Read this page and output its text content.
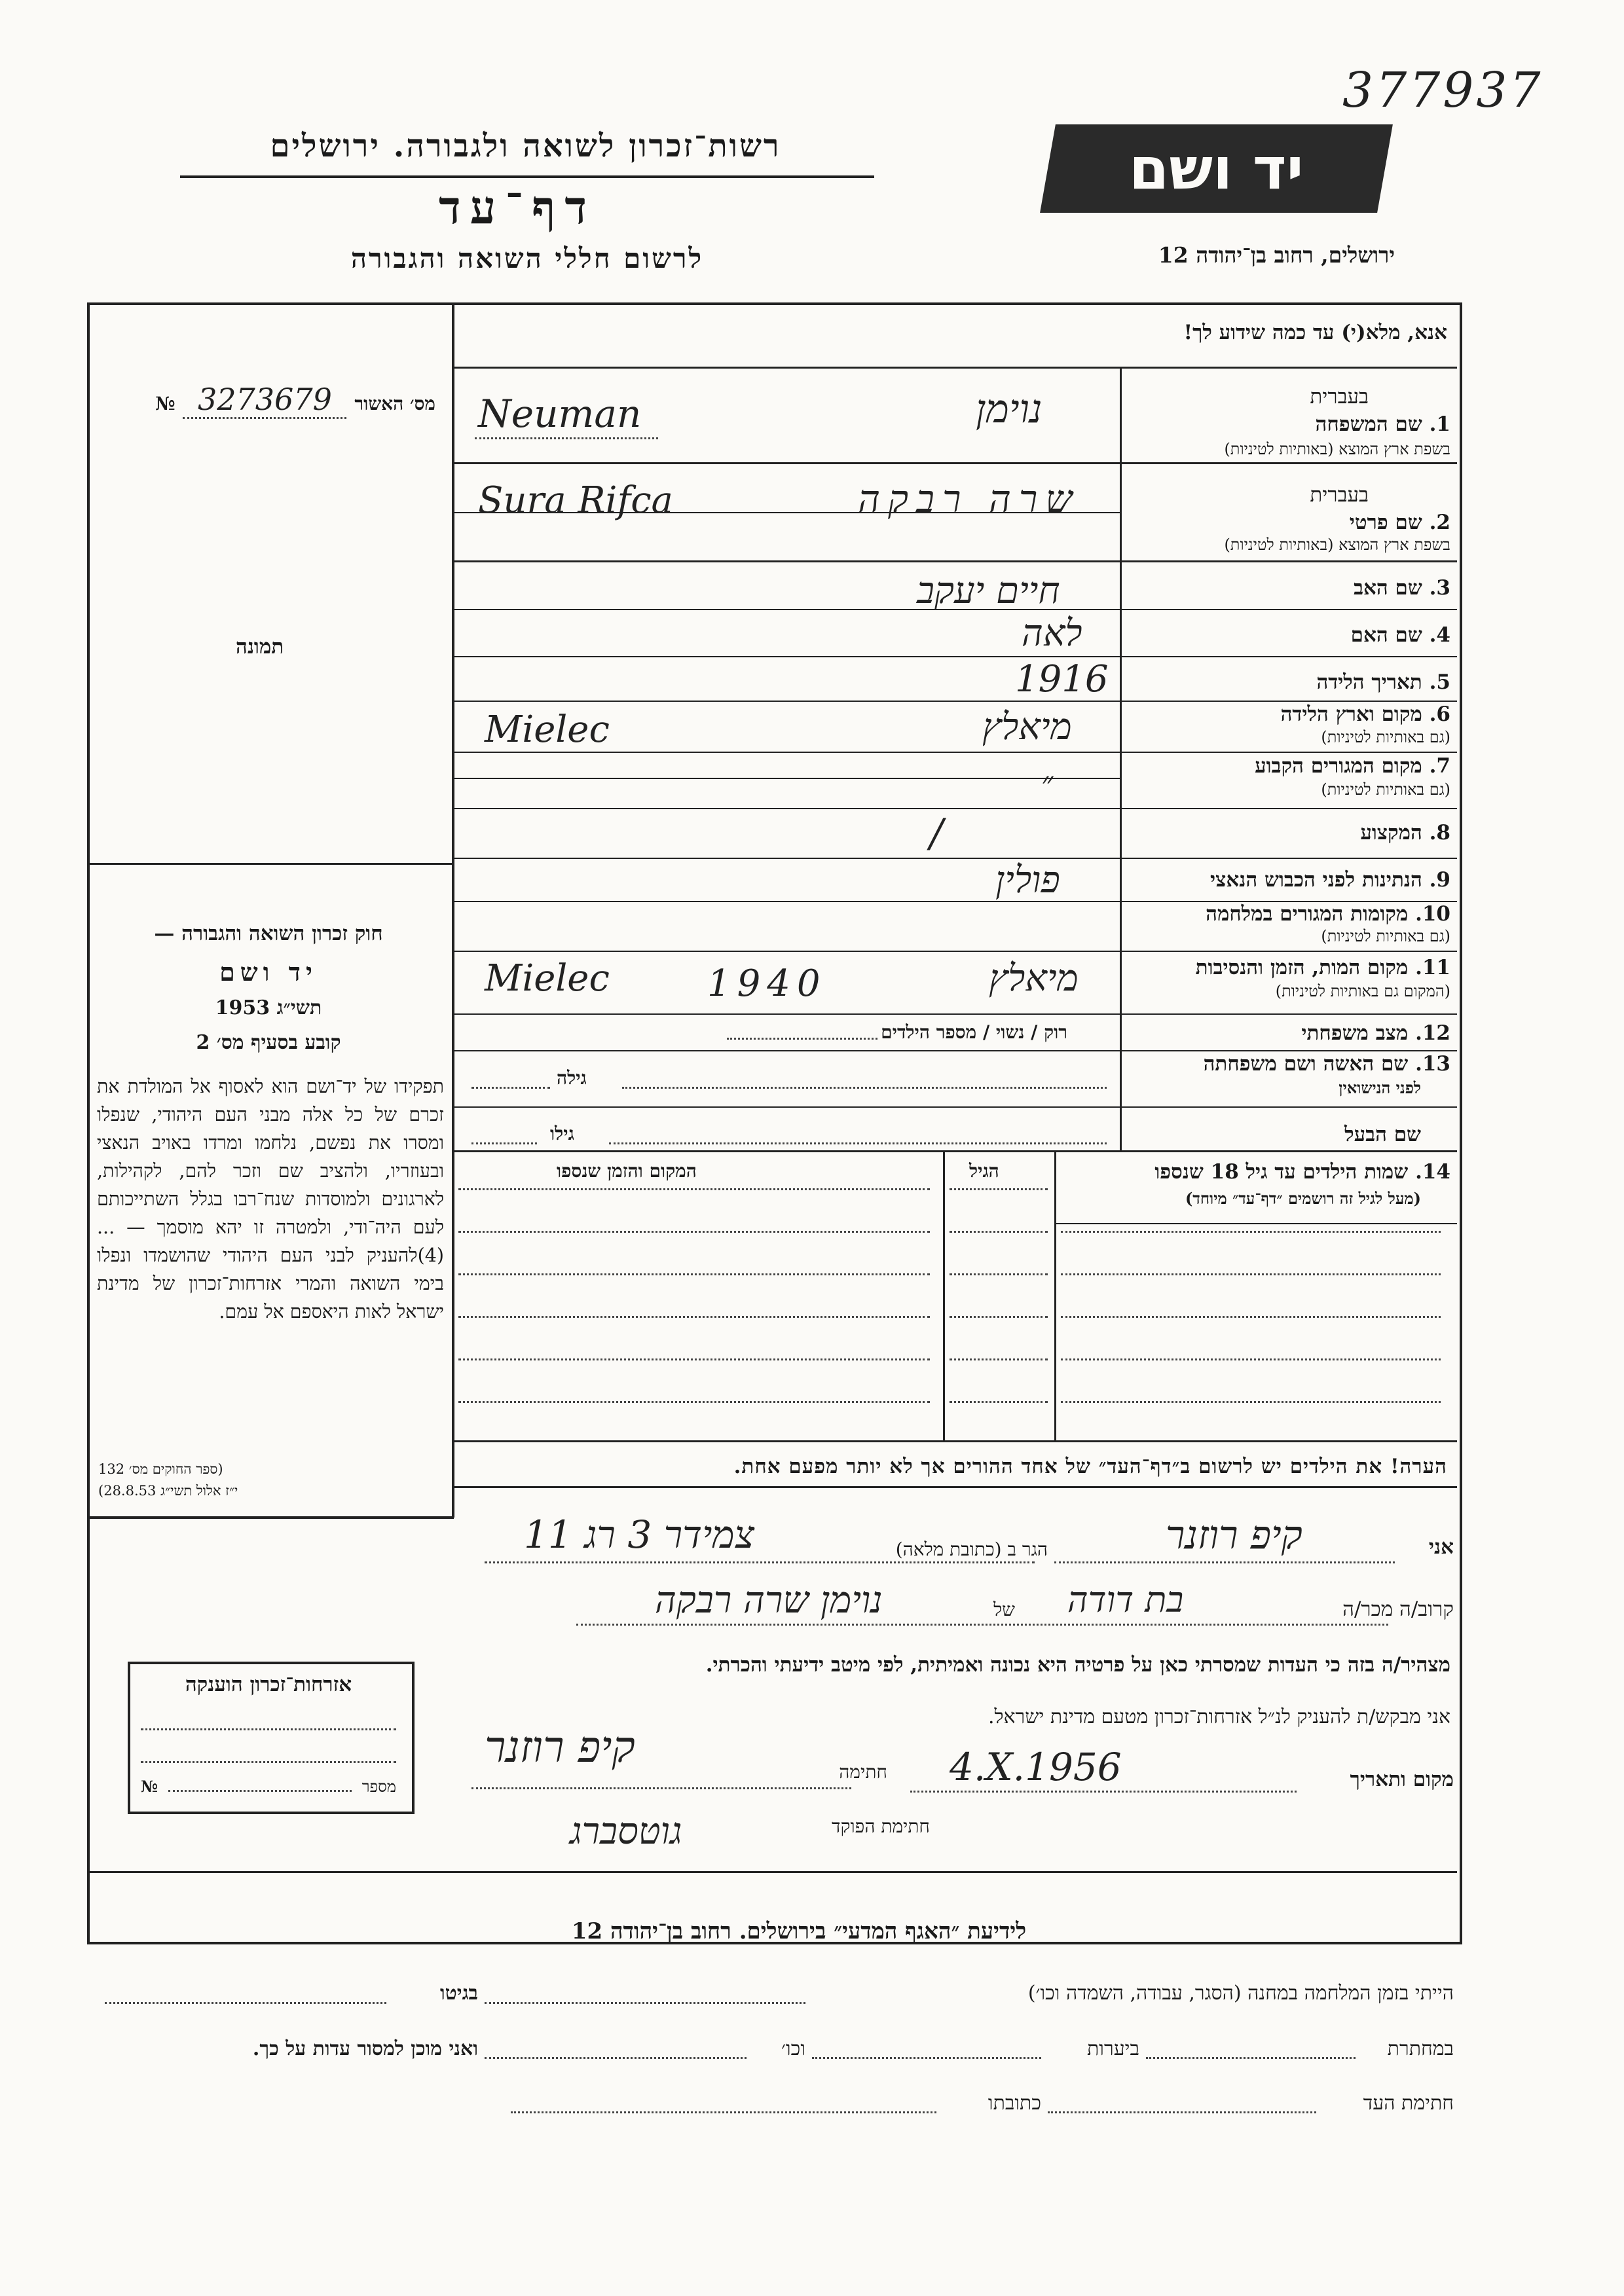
377937
יד ושם
רשות־זכרון לשואה ולגבורה. ירושלים
דף־עד
לרשום חללי השואה והגבורה	ירושלים, רחוב בן־יהודה 12
אנא, מלא(י) עד כמה שידוע לך!
מס׳ האשור
3273679
№
תמונה
חוק זכרון השואה והגבורה —
יד ושם
תשי״ג 1953
קובע בסעיף מס׳ 2
תפקידו של יד־ושם הוא לאסוף אל המולדת את זכרם של כל אלה מבני העם היהודי, שנפלו ומסרו את נפשם, נלחמו ומרדו באויב הנאצי ובעוזריו, ולהציב שם וזכר להם, לקהילות, לארגונים ולמוסדות שנח־רבו בגלל השתייכותם לעם היה־ודי, ולמטרה זו יהא מוסמך — ...(4)להעניק לבני העם היהודי שהושמדו ונפלו בימי השואה והמרי אזרחות־זכרון של מדינת ישראל לאות היאספם אל עמם.
(ספר החוקים מס׳ 132
י״ז אלול תשי״ג 28.8.53)
בעברית
1. שם המשפחה
בשפת ארץ המוצא (באותיות לטיניות)
בעברית
2. שם פרטי
בשפת ארץ המוצא (באותיות לטיניות)
3. שם האב
4. שם האם
5. תאריך הלידה
6. מקום וארץ הלידה
(גם באותיות לטיניות)
7. מקום המגורים הקבוע
(גם באותיות לטיניות)
8. המקצוע
9. הנתינות לפני הכבוש הנאצי
10. מקומות המגורים במלחמה
(גם באותיות לטיניות)
11. מקום המות, הזמן והנסיבות
(המקום גם באותיות לטיניות)
12. מצב משפחתי
13. שם האשה ושם משפחתה
לפני הנישואין
שם הבעל
רוק / נשוי / מספר הילדים
גילה
גילו
נוימן
Neuman
שרה רבקה
Sura Rifca
חיים יעקב
לאה
1916
מיאלץ
Mielec
״
/
פולין
מיאלץ
1940
Mielec
14. שמות הילדים עד גיל 18 שנספו
(מעל לגיל זה רושמים ״דף־עד״ מיוחד)
הגיל
המקום והזמן שנספו
הערה! את הילדים יש לרשום ב״דף־העד״ של אחד ההורים אך לא יותר מפעם אחת.
אני
קיפ רוזנר
הגר ב (כתובת מלאה)
צמידר 3 רג 11
קרוב/ה מכר/ה
בת דודה
של
נוימן שרה רבקה
מצהיר/ה בזה כי העדות שמסרתי כאן על פרטיה היא נכונה ואמיתית, לפי מיטב ידיעתי והכרתי.
אני מבקש/ת להעניק לנ״ל אזרחות־זכרון מטעם מדינת ישראל.
מקום ותאריך
4.X.1956
חתימה
קיפ רוזנר
חתימת הפוקד
גוטסברג
אזרחות־זכרון הוענקה
מספר
№
לידיעת ״האגף המדעי״ בירושלים. רחוב בן־יהודה 12
הייתי בזמן המלחמה במחנה (הסגר, עבודה, השמדה וכו׳)
בגיטו
במחתרת
ביערות
וכו׳
ואני מוכן למסור עדות על כך.
חתימת העד
כתובתו
